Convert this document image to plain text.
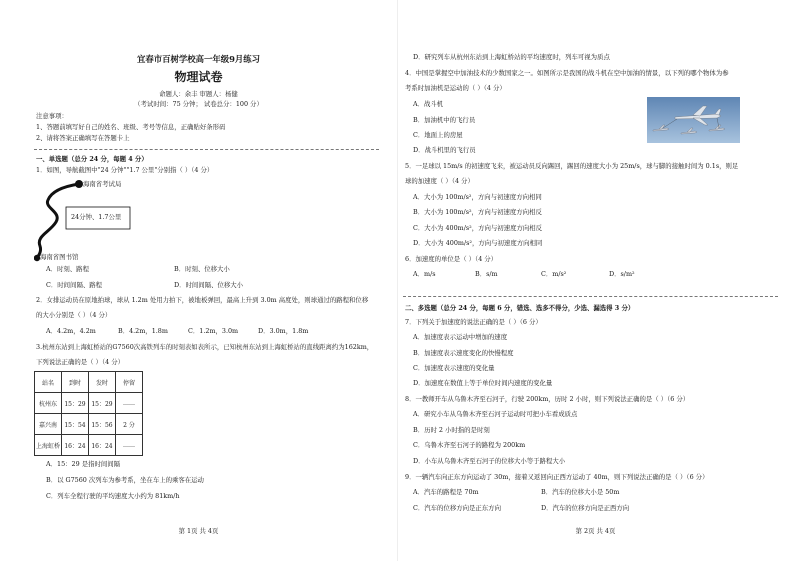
宜春市百树学校高一年级9月练习
物理试卷
命题人：余丰 审题人：杨健
（考试时间：75 分钟； 试卷总分：100 分）
注意事项：
1、答题前填写好自己的姓名、班级、考号等信息，正确贴好条形码
2、请将答案正确填写在答题卡上
一、单选题（总分 24 分，每题 4 分）
1．如图，导航截图中"24 分钟""1.7 公里"分别指（ ）（4 分）
海南省考试局
24分钟、1.7公里
海南省图书馆
A．时刻、路程	B．时刻、位移大小
C．时间间隔、路程	D．时间间隔、位移大小
2．女排运动员在原地拍球，球从 1.2m 处用力拍下，被地板弹回，最高上升到 3.0m 高度处，则球通过的路程和位移
的大小分别是（ ）（4 分）
A．4.2m，4.2m	B．4.2m，1.8m	C．1.2m，3.0m	D．3.0m，1.8m
3.杭州东站到上海虹桥站的G7560次高铁列车的时刻表如表所示，已知杭州东站到上海虹桥站的直线距离约为162km，
下列说法正确的是（ ）（4 分）
站名	到时	发时	停留
杭州东	15：29	15：29	……
嘉兴南	15：54	15：56	2 分
上海虹桥	16：24	16：24	……
A．15：29 是指时间间隔
B．以 G7560 次列车为参考系，坐在车上的乘客在运动
C．列车全程行驶的平均速度大小约为 81km/h
第 1页 共 4页
D．研究列车从杭州东站到上海虹桥站的平均速度时，列车可视为质点
4．中国是掌握空中加油技术的少数国家之一。如图所示是我国的战斗机在空中加油的情景，以下列的哪个物体为参
考系时加油机是运动的（ ）（4 分）
A．战斗机
B．加油机中的飞行员
C．地面上的房屋
D．战斗机里的飞行员
5．一足球以 15m/s 的初速度飞来，被运动员反向踢回，踢回的速度大小为 25m/s，球与脚的接触时间为 0.1s，则足
球的加速度（ ）（4 分）
A．大小为 100m/s²，方向与初速度方向相同
B．大小为 100m/s²，方向与初速度方向相反
C．大小为 400m/s²，方向与初速度方向相反
D．大小为 400m/s²，方向与初速度方向相同
6．加速度的单位是（ ）（4 分）
A．m/s	B．s/m	C．m/s²	D．s/m²
二、多选题（总分 24 分，每题 6 分，错选、选多不得分，少选、漏选得 3 分）
7．下列关于加速度的说法正确的是（ ）（6 分）
A．加速度表示运动中增加的速度
B．加速度表示速度变化的快慢程度
C．加速度表示速度的变化量
D．加速度在数值上等于单位时间内速度的变化量
8．一教师开车从乌鲁木齐至石河子，行驶 200km，历时 2 小时，则下列说法正确的是（ ）（6 分）
A．研究小车从乌鲁木齐至石河子运动时可把小车看成质点
B．历时 2 小时指的是时刻
C．乌鲁木齐至石河子的路程为 200km
D．小车从乌鲁木齐至石河子的位移大小等于路程大小
9．一辆汽车向正东方向运动了 30m，接着又返回向正西方运动了 40m，则下列说法正确的是（ ）（6 分）
A．汽车的路程是 70m	B．汽车的位移大小是 50m
C．汽车的位移方向是正东方向	D．汽车的位移方向是正西方向
第 2页 共 4页
